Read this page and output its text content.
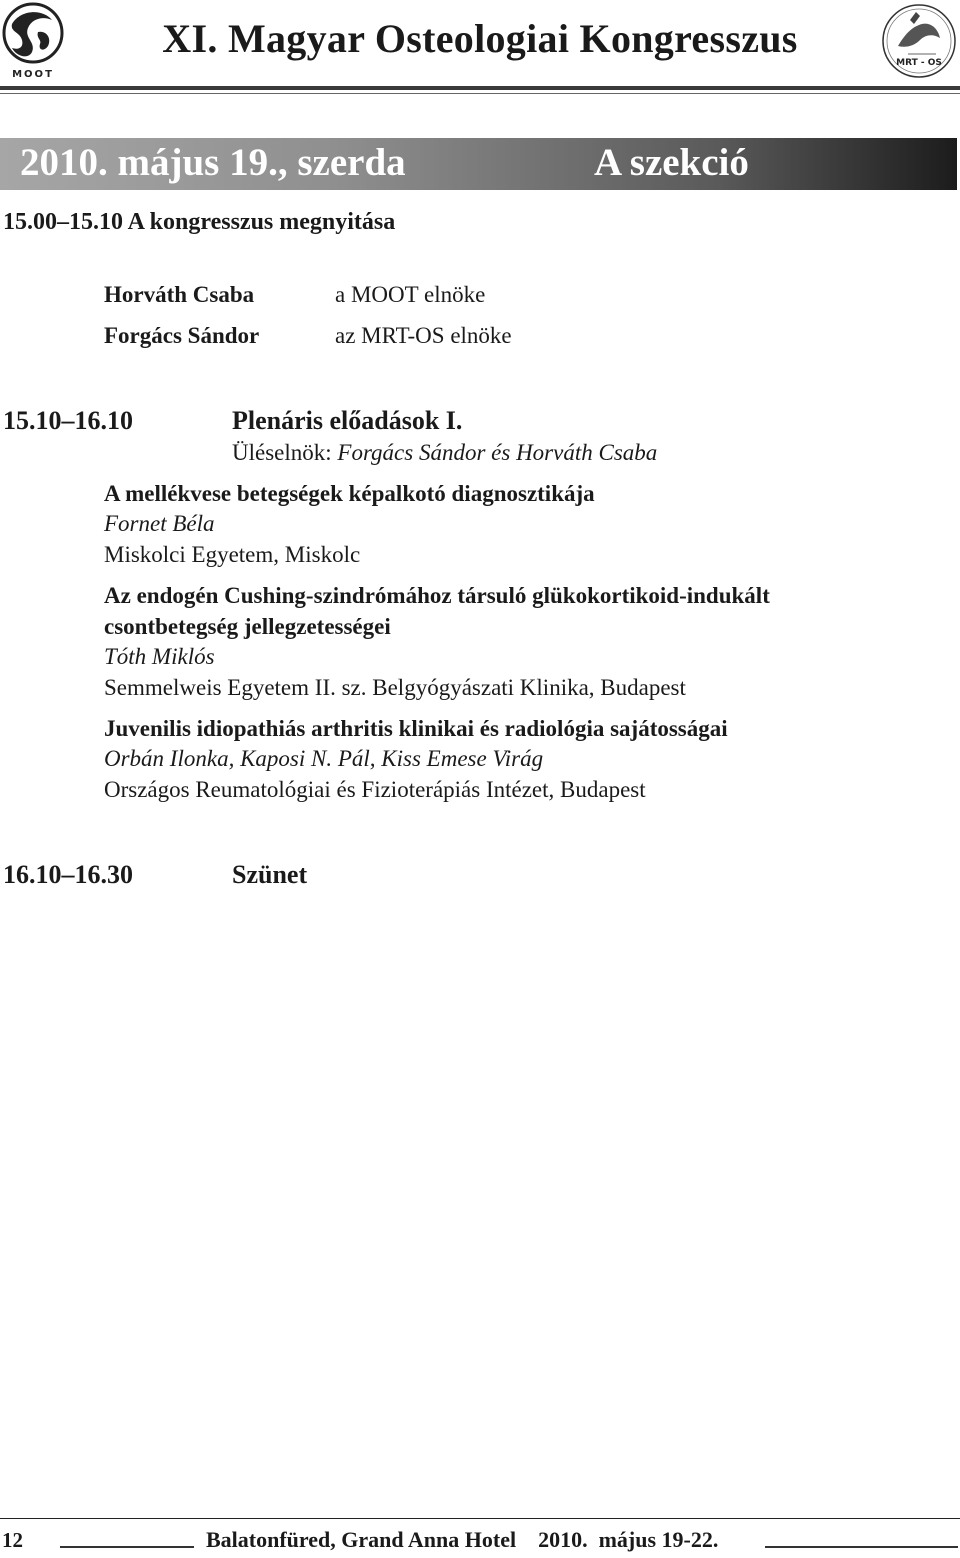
MOOT
XI. Magyar Osteologiai Kongresszus
MRT - OS
2010. május 19., szerda	A szekció
15.00–15.10 A kongresszus megnyitása
Horváth Csaba	a MOOT elnöke
Forgács Sándor	az MRT-OS elnöke
15.10–16.10	Plenáris előadások I.
Üléselnök: Forgács Sándor és Horváth Csaba
A mellékvese betegségek képalkotó diagnosztikája
Fornet Béla
Miskolci Egyetem, Miskolc
Az endogén Cushing-szindrómához társuló glükokortikoid-indukált
csontbetegség jellegzetességei
Tóth Miklós
Semmelweis Egyetem II. sz. Belgyógyászati Klinika, Budapest
Juvenilis idiopathiás arthritis klinikai és radiológia sajátosságai
Orbán Ilonka, Kaposi N. Pál, Kiss Emese Virág
Országos Reumatológiai és Fizioterápiás Intézet, Budapest
16.10–16.30	Szünet
12	Balatonfüred, Grand Anna Hotel    2010.  május 19-22.
